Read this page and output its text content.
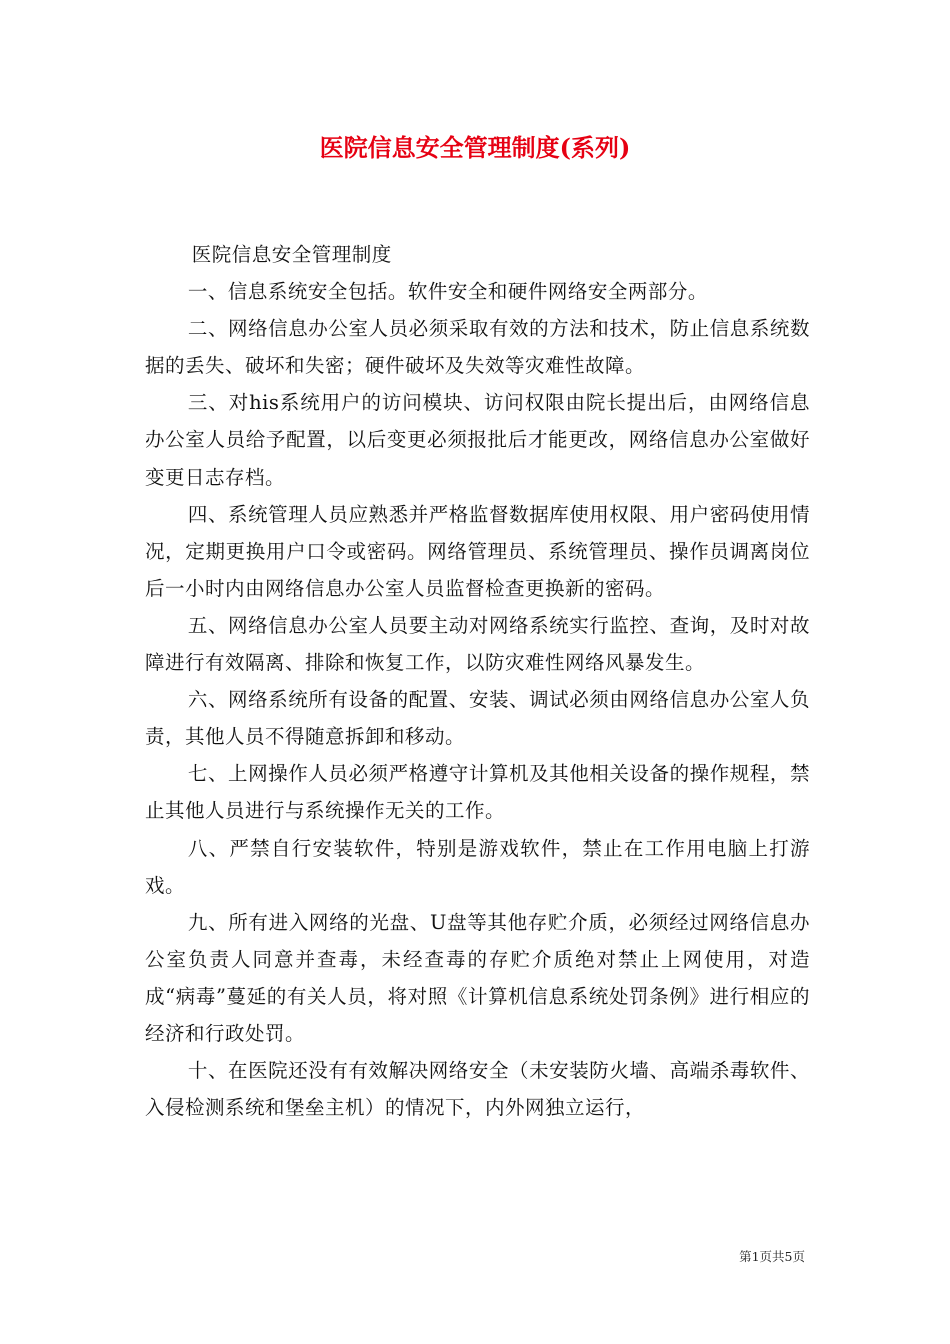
医院信息安全管理制度(系列)

医院信息安全管理制度

一、信息系统安全包括。软件安全和硬件网络安全两部分。

二、网络信息办公室人员必须采取有效的方法和技术，防止信息系统数据的丢失、破坏和失密；硬件破坏及失效等灾难性故障。

三、对his系统用户的访问模块、访问权限由院长提出后，由网络信息办公室人员给予配置，以后变更必须报批后才能更改，网络信息办公室做好变更日志存档。

四、系统管理人员应熟悉并严格监督数据库使用权限、用户密码使用情况，定期更换用户口令或密码。网络管理员、系统管理员、操作员调离岗位后一小时内由网络信息办公室人员监督检查更换新的密码。

五、网络信息办公室人员要主动对网络系统实行监控、查询，及时对故障进行有效隔离、排除和恢复工作，以防灾难性网络风暴发生。

六、网络系统所有设备的配置、安装、调试必须由网络信息办公室人负责，其他人员不得随意拆卸和移动。

七、上网操作人员必须严格遵守计算机及其他相关设备的操作规程，禁止其他人员进行与系统操作无关的工作。

八、严禁自行安装软件，特别是游戏软件，禁止在工作用电脑上打游戏。

九、所有进入网络的光盘、U盘等其他存贮介质，必须经过网络信息办公室负责人同意并查毒，未经查毒的存贮介质绝对禁止上网使用，对造成“病毒”蔓延的有关人员，将对照《计算机信息系统处罚条例》进行相应的经济和行政处罚。

十、在医院还没有有效解决网络安全（未安装防火墙、高端杀毒软件、入侵检测系统和堡垒主机）的情况下，内外网独立运行，

第1页共5页
